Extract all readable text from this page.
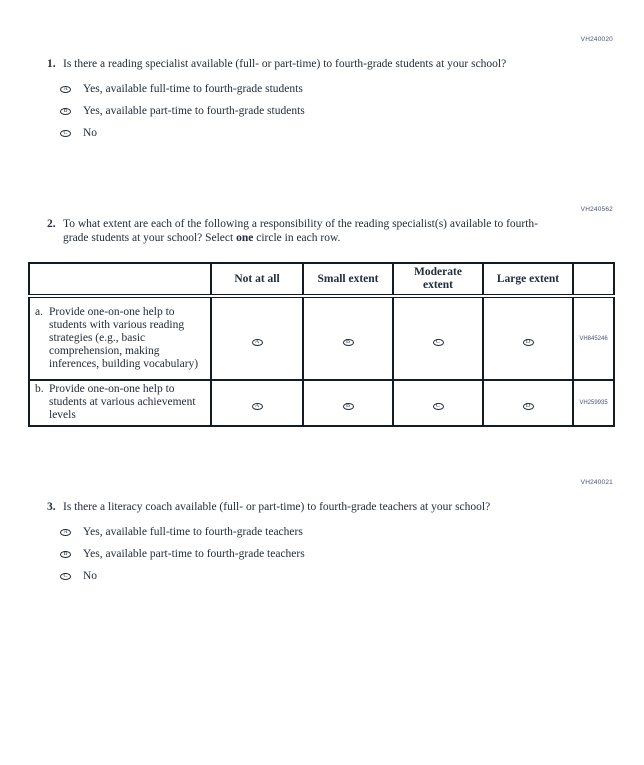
VH240020
1. Is there a reading specialist available (full- or part-time) to fourth-grade students at your school?
A Yes, available full-time to fourth-grade students
B	Yes, available part-time to fourth-grade students
C	No
VH240562
2. To what extent are each of the following a responsibility of the reading specialist(s) available to fourth-grade students at your school? Select one circle in each row.
	Not at all	Small extent	Moderate extent	Large extent	
a. Provide one-on-one help to students with various reading strategies (e.g., basic comprehension, making inferences, building vocabulary)	A	B	C	D	VH845246
b. Provide one-on-one help to students at various achievement levels	A	B	C	D	VH259935
VH240021
3. Is there a literacy coach available (full- or part-time) to fourth-grade teachers at your school?
A Yes, available full-time to fourth-grade teachers
B	Yes, available part-time to fourth-grade teachers
C	No
